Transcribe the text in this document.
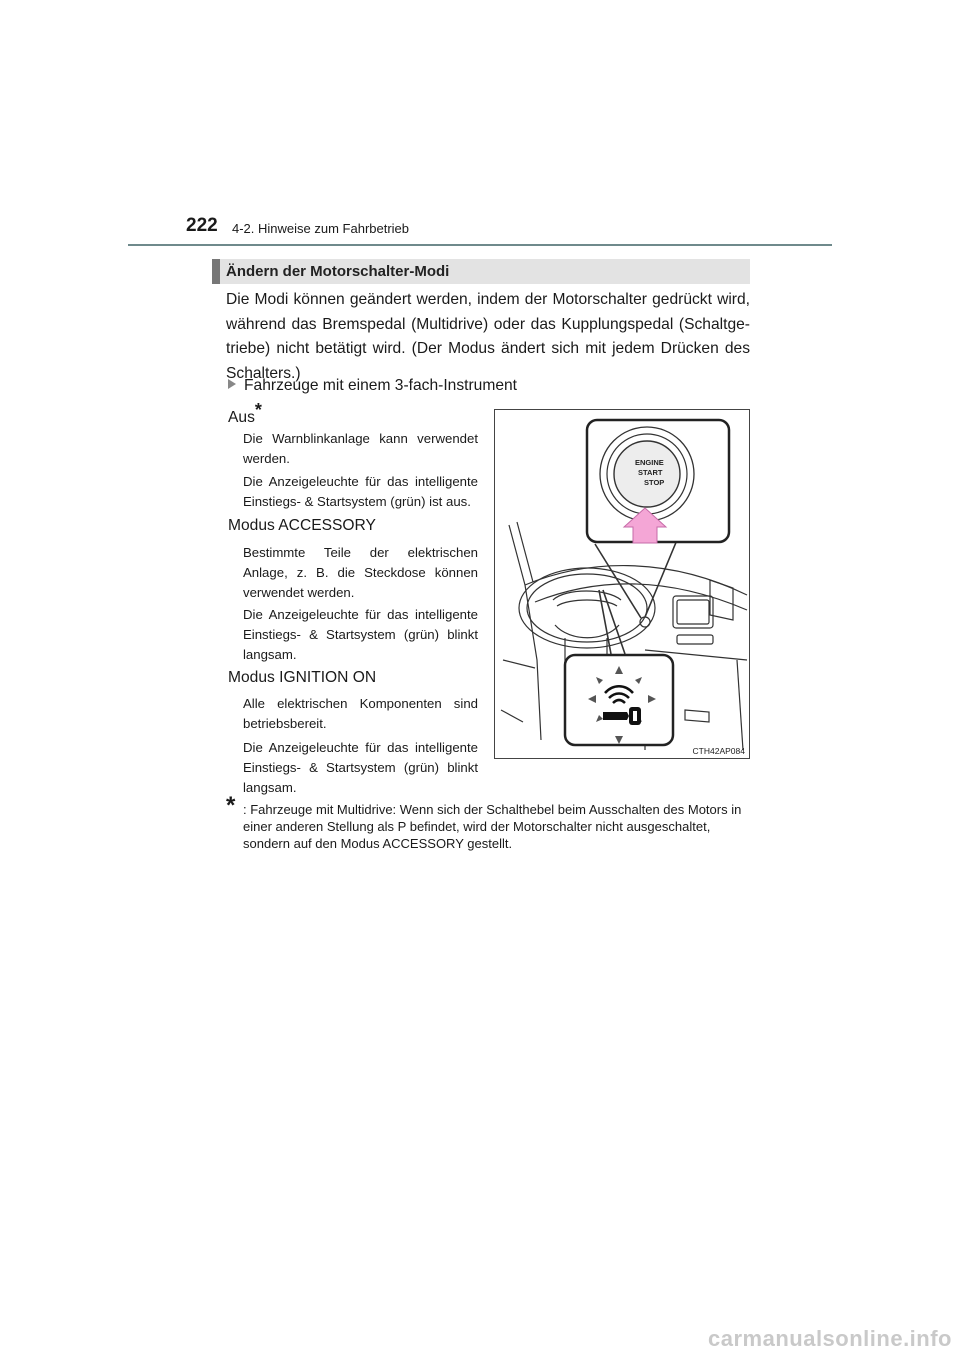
222 4-2. Hinweise zum Fahrbetrieb
Ändern der Motorschalter-Modi
Die Modi können geändert werden, indem der Motorschalter gedrückt wird, während das Bremspedal (Multidrive) oder das Kupplungspedal (Schaltge-triebe) nicht betätigt wird. (Der Modus ändert sich mit jedem Drücken des Schalters.)
Fahrzeuge mit einem 3-fach-Instrument
Aus*
Die Warnblinkanlage kann verwendet werden.
Die Anzeigeleuchte für das intelligente Einstiegs- & Startsystem (grün) ist aus.
Modus ACCESSORY
Bestimmte Teile der elektrischen Anlage, z. B. die Steckdose können verwendet werden.
Die Anzeigeleuchte für das intelligente Einstiegs- & Startsystem (grün) blinkt langsam.
Modus IGNITION ON
Alle elektrischen Komponenten sind betriebsbereit.
Die Anzeigeleuchte für das intelligente Einstiegs- & Startsystem (grün) blinkt langsam.
ENGINE
START
STOP
CTH42AP084
* : Fahrzeuge mit Multidrive: Wenn sich der Schalthebel beim Ausschalten des Motors in einer anderen Stellung als P befindet, wird der Motorschalter nicht ausgeschaltet, sondern auf den Modus ACCESSORY gestellt.
carmanualsonline.info
